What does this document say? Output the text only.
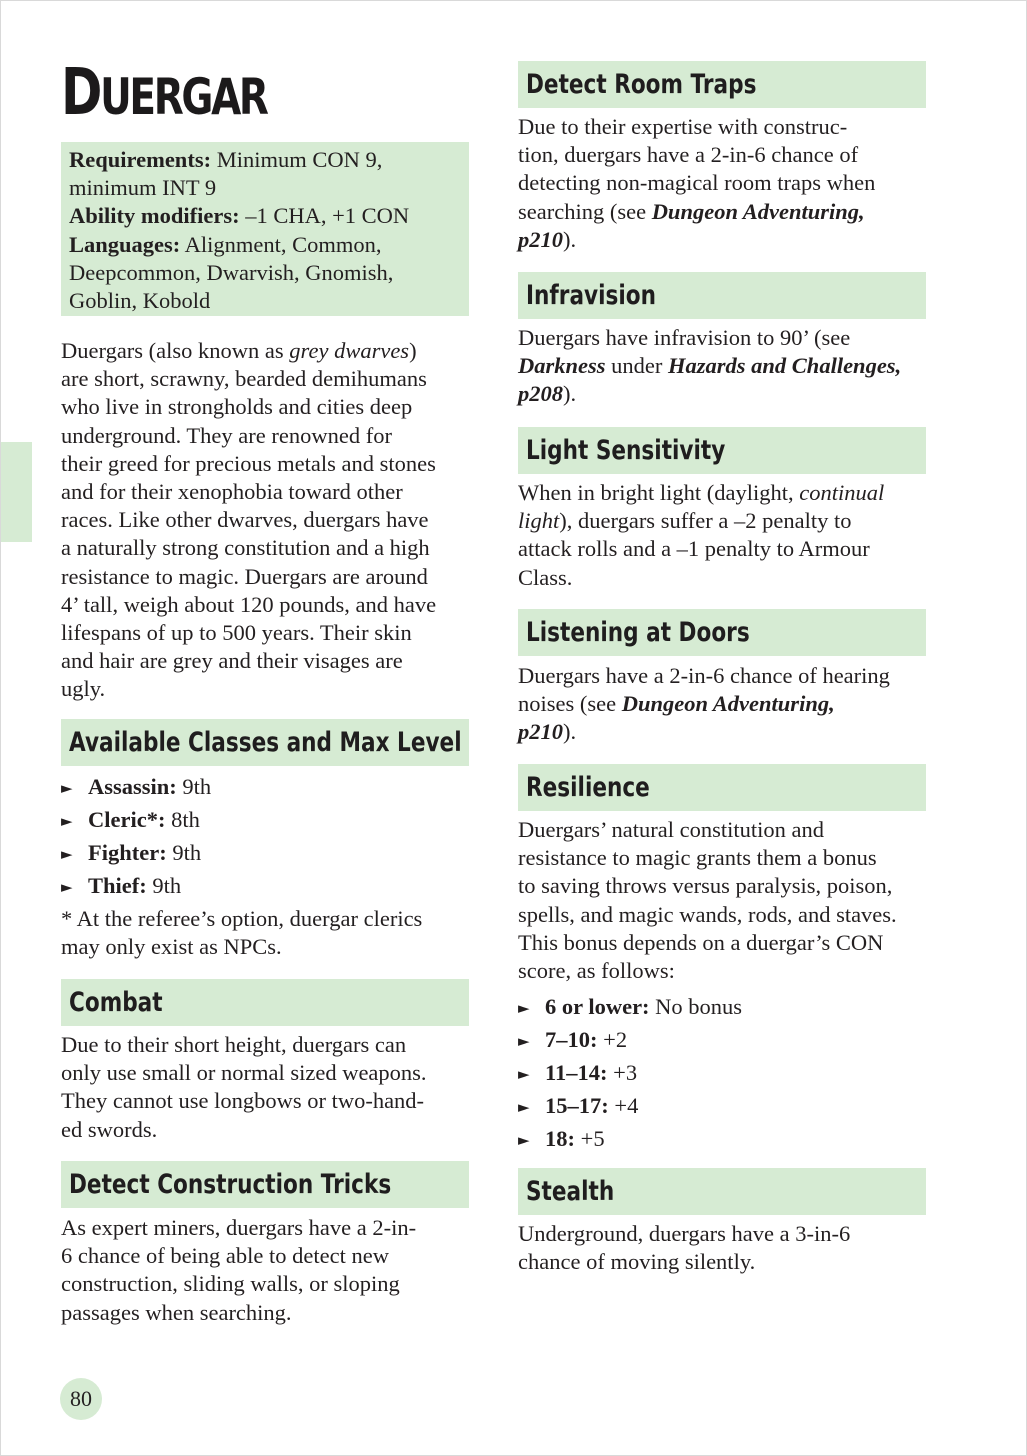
DUERGAR
Requirements: Minimum CON 9,
minimum INT 9
Ability modifiers: –1 CHA, +1 CON
Languages: Alignment, Common,
Deepcommon, Dwarvish, Gnomish,
Goblin, Kobold
Duergars (also known as grey dwarves)
are short, scrawny, bearded demihumans
who live in strongholds and cities deep
underground. They are renowned for
their greed for precious metals and stones
and for their xenophobia toward other
races. Like other dwarves, duergars have
a naturally strong constitution and a high
resistance to magic. Duergars are around
4’ tall, weigh about 120 pounds, and have
lifespans of up to 500 years. Their skin
and hair are grey and their visages are
ugly.
Available Classes and Max Level
► Assassin: 9th
► Cleric*: 8th
► Fighter: 9th
► Thief: 9th
* At the referee’s option, duergar clerics
may only exist as NPCs.
Combat
Due to their short height, duergars can
only use small or normal sized weapons.
They cannot use longbows or two-hand-
ed swords.
Detect Construction Tricks
As expert miners, duergars have a 2-in-
6 chance of being able to detect new
construction, sliding walls, or sloping
passages when searching.
80
Detect Room Traps
Due to their expertise with construc-
tion, duergars have a 2-in-6 chance of
detecting non-magical room traps when
searching (see Dungeon Adventuring,
p210).
Infravision
Duergars have infravision to 90’ (see
Darkness under Hazards and Challenges,
p208).
Light Sensitivity
When in bright light (daylight, continual
light), duergars suffer a –2 penalty to
attack rolls and a –1 penalty to Armour
Class.
Listening at Doors
Duergars have a 2-in-6 chance of hearing
noises (see Dungeon Adventuring,
p210).
Resilience
Duergars’ natural constitution and
resistance to magic grants them a bonus
to saving throws versus paralysis, poison,
spells, and magic wands, rods, and staves.
This bonus depends on a duergar’s CON
score, as follows:
► 6 or lower: No bonus
► 7–10: +2
► 11–14: +3
► 15–17: +4
► 18: +5
Stealth
Underground, duergars have a 3-in-6
chance of moving silently.
